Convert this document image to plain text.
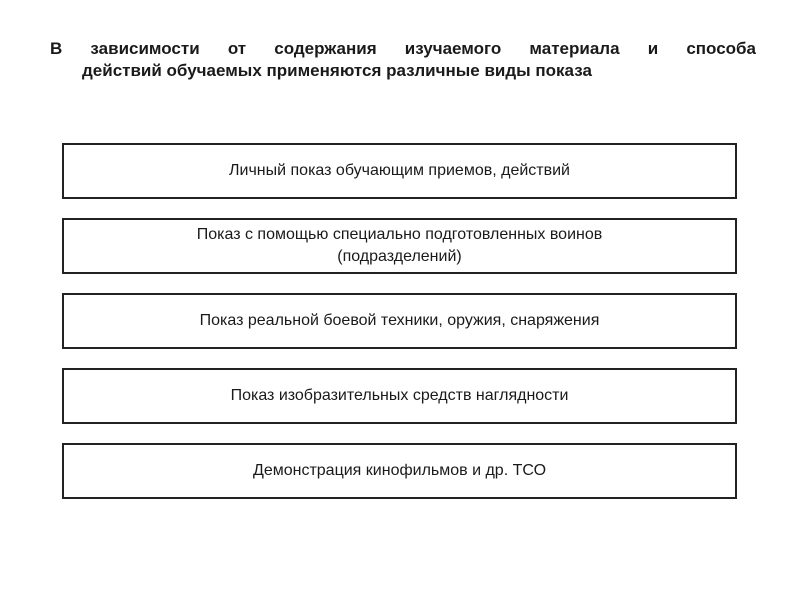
В зависимости от содержания изучаемого материала и способа
действий обучаемых применяются различные виды показа
Личный показ обучающим приемов, действий
Показ с помощью специально подготовленных воинов
(подразделений)
Показ реальной боевой техники, оружия, снаряжения
Показ изобразительных средств наглядности
Демонстрация кинофильмов и др. ТСО
